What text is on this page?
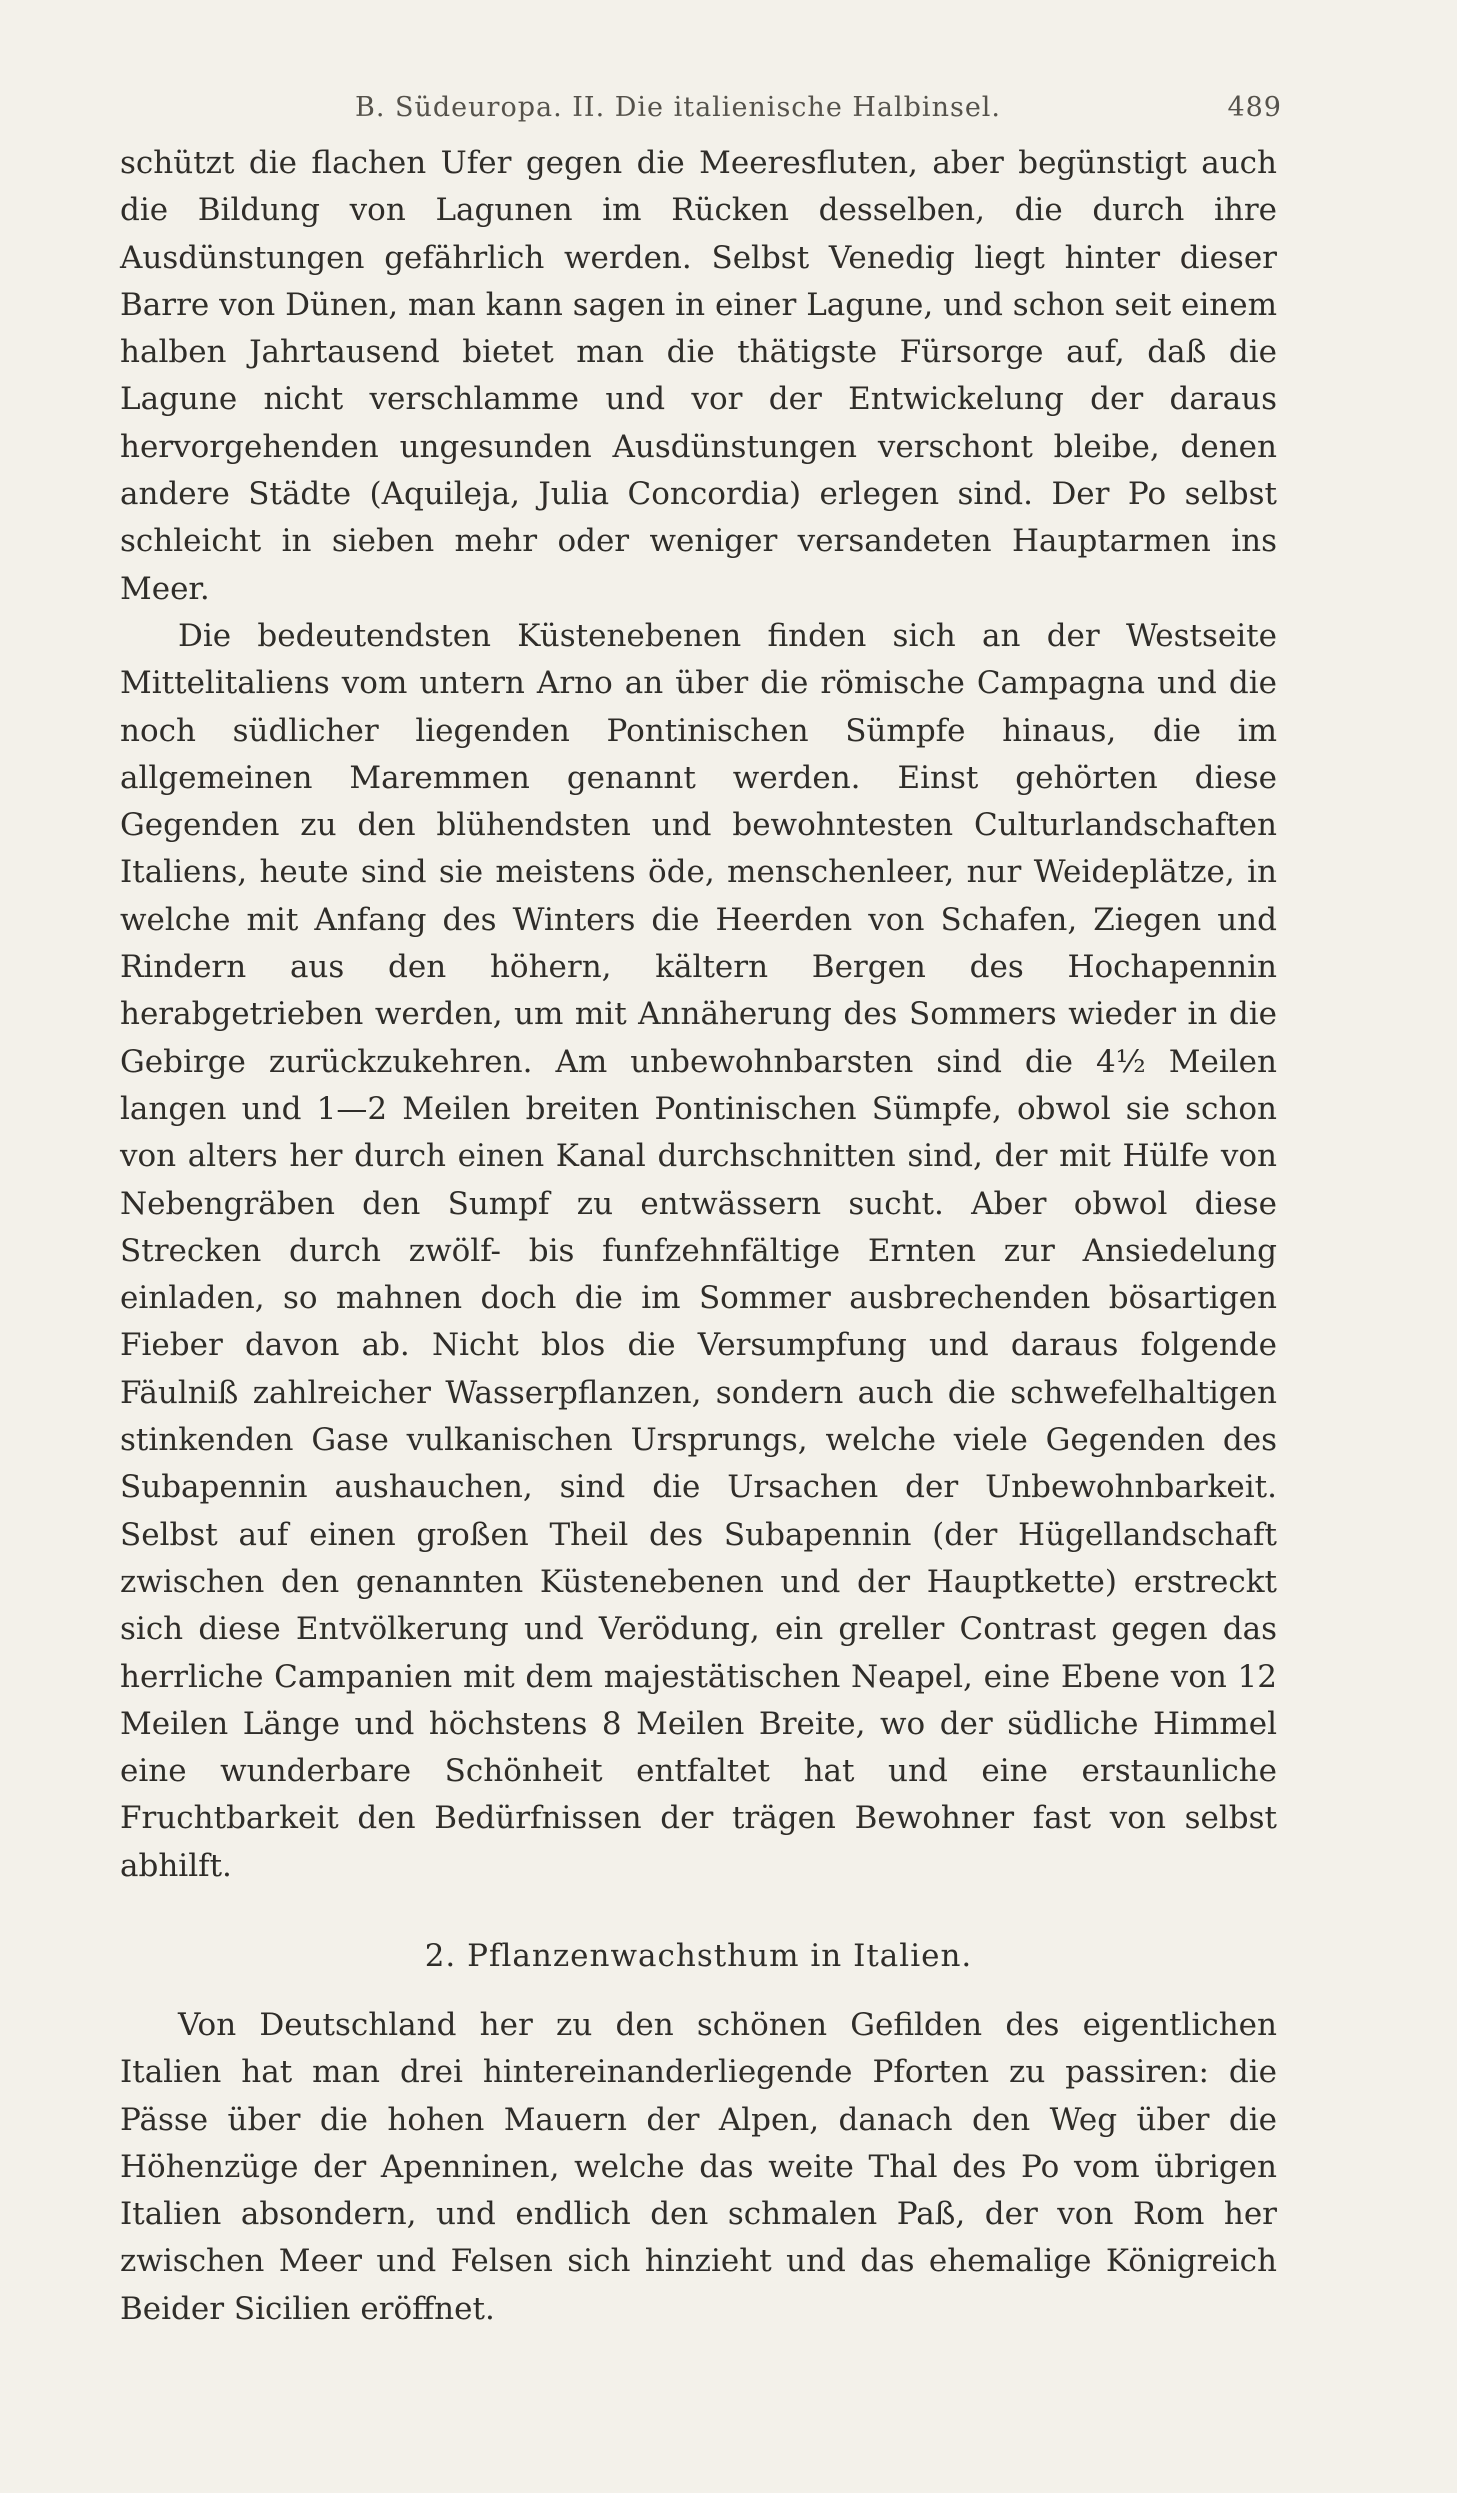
B. Südeuropa. II. Die italienische Halbinsel.	489

schützt die flachen Ufer gegen die Meeresfluten, aber begünstigt auch die Bildung von Lagunen im Rücken desselben, die durch ihre Ausdünstungen gefährlich werden. Selbst Venedig liegt hinter dieser Barre von Dünen, man kann sagen in einer Lagune, und schon seit einem halben Jahrtausend bietet man die thätigste Fürsorge auf, daß die Lagune nicht verschlamme und vor der Entwickelung der daraus hervorgehenden ungesunden Ausdünstungen verschont bleibe, denen andere Städte (Aquileja, Julia Concordia) erlegen sind. Der Po selbst schleicht in sieben mehr oder weniger versandeten Hauptarmen ins Meer.

Die bedeutendsten Küstenebenen finden sich an der Westseite Mittelitaliens vom untern Arno an über die römische Campagna und die noch südlicher liegenden Pontinischen Sümpfe hinaus, die im allgemeinen Maremmen genannt werden. Einst gehörten diese Gegenden zu den blühendsten und bewohntesten Culturlandschaften Italiens, heute sind sie meistens öde, menschenleer, nur Weideplätze, in welche mit Anfang des Winters die Heerden von Schafen, Ziegen und Rindern aus den höhern, kältern Bergen des Hochapennin herabgetrieben werden, um mit Annäherung des Sommers wieder in die Gebirge zurückzukehren. Am unbewohnbarsten sind die 4½ Meilen langen und 1—2 Meilen breiten Pontinischen Sümpfe, obwol sie schon von alters her durch einen Kanal durchschnitten sind, der mit Hülfe von Nebengräben den Sumpf zu entwässern sucht. Aber obwol diese Strecken durch zwölf- bis funfzehnfältige Ernten zur Ansiedelung einladen, so mahnen doch die im Sommer ausbrechenden bösartigen Fieber davon ab. Nicht blos die Versumpfung und daraus folgende Fäulniß zahlreicher Wasserpflanzen, sondern auch die schwefelhaltigen stinkenden Gase vulkanischen Ursprungs, welche viele Gegenden des Subapennin aushauchen, sind die Ursachen der Unbewohnbarkeit. Selbst auf einen großen Theil des Subapennin (der Hügellandschaft zwischen den genannten Küstenebenen und der Hauptkette) erstreckt sich diese Entvölkerung und Verödung, ein greller Contrast gegen das herrliche Campanien mit dem majestätischen Neapel, eine Ebene von 12 Meilen Länge und höchstens 8 Meilen Breite, wo der südliche Himmel eine wunderbare Schönheit entfaltet hat und eine erstaunliche Fruchtbarkeit den Bedürfnissen der trägen Bewohner fast von selbst abhilft.

2. Pflanzenwachsthum in Italien.

Von Deutschland her zu den schönen Gefilden des eigentlichen Italien hat man drei hintereinanderliegende Pforten zu passiren: die Pässe über die hohen Mauern der Alpen, danach den Weg über die Höhenzüge der Apenninen, welche das weite Thal des Po vom übrigen Italien absondern, und endlich den schmalen Paß, der von Rom her zwischen Meer und Felsen sich hinzieht und das ehemalige Königreich Beider Sicilien eröffnet.
